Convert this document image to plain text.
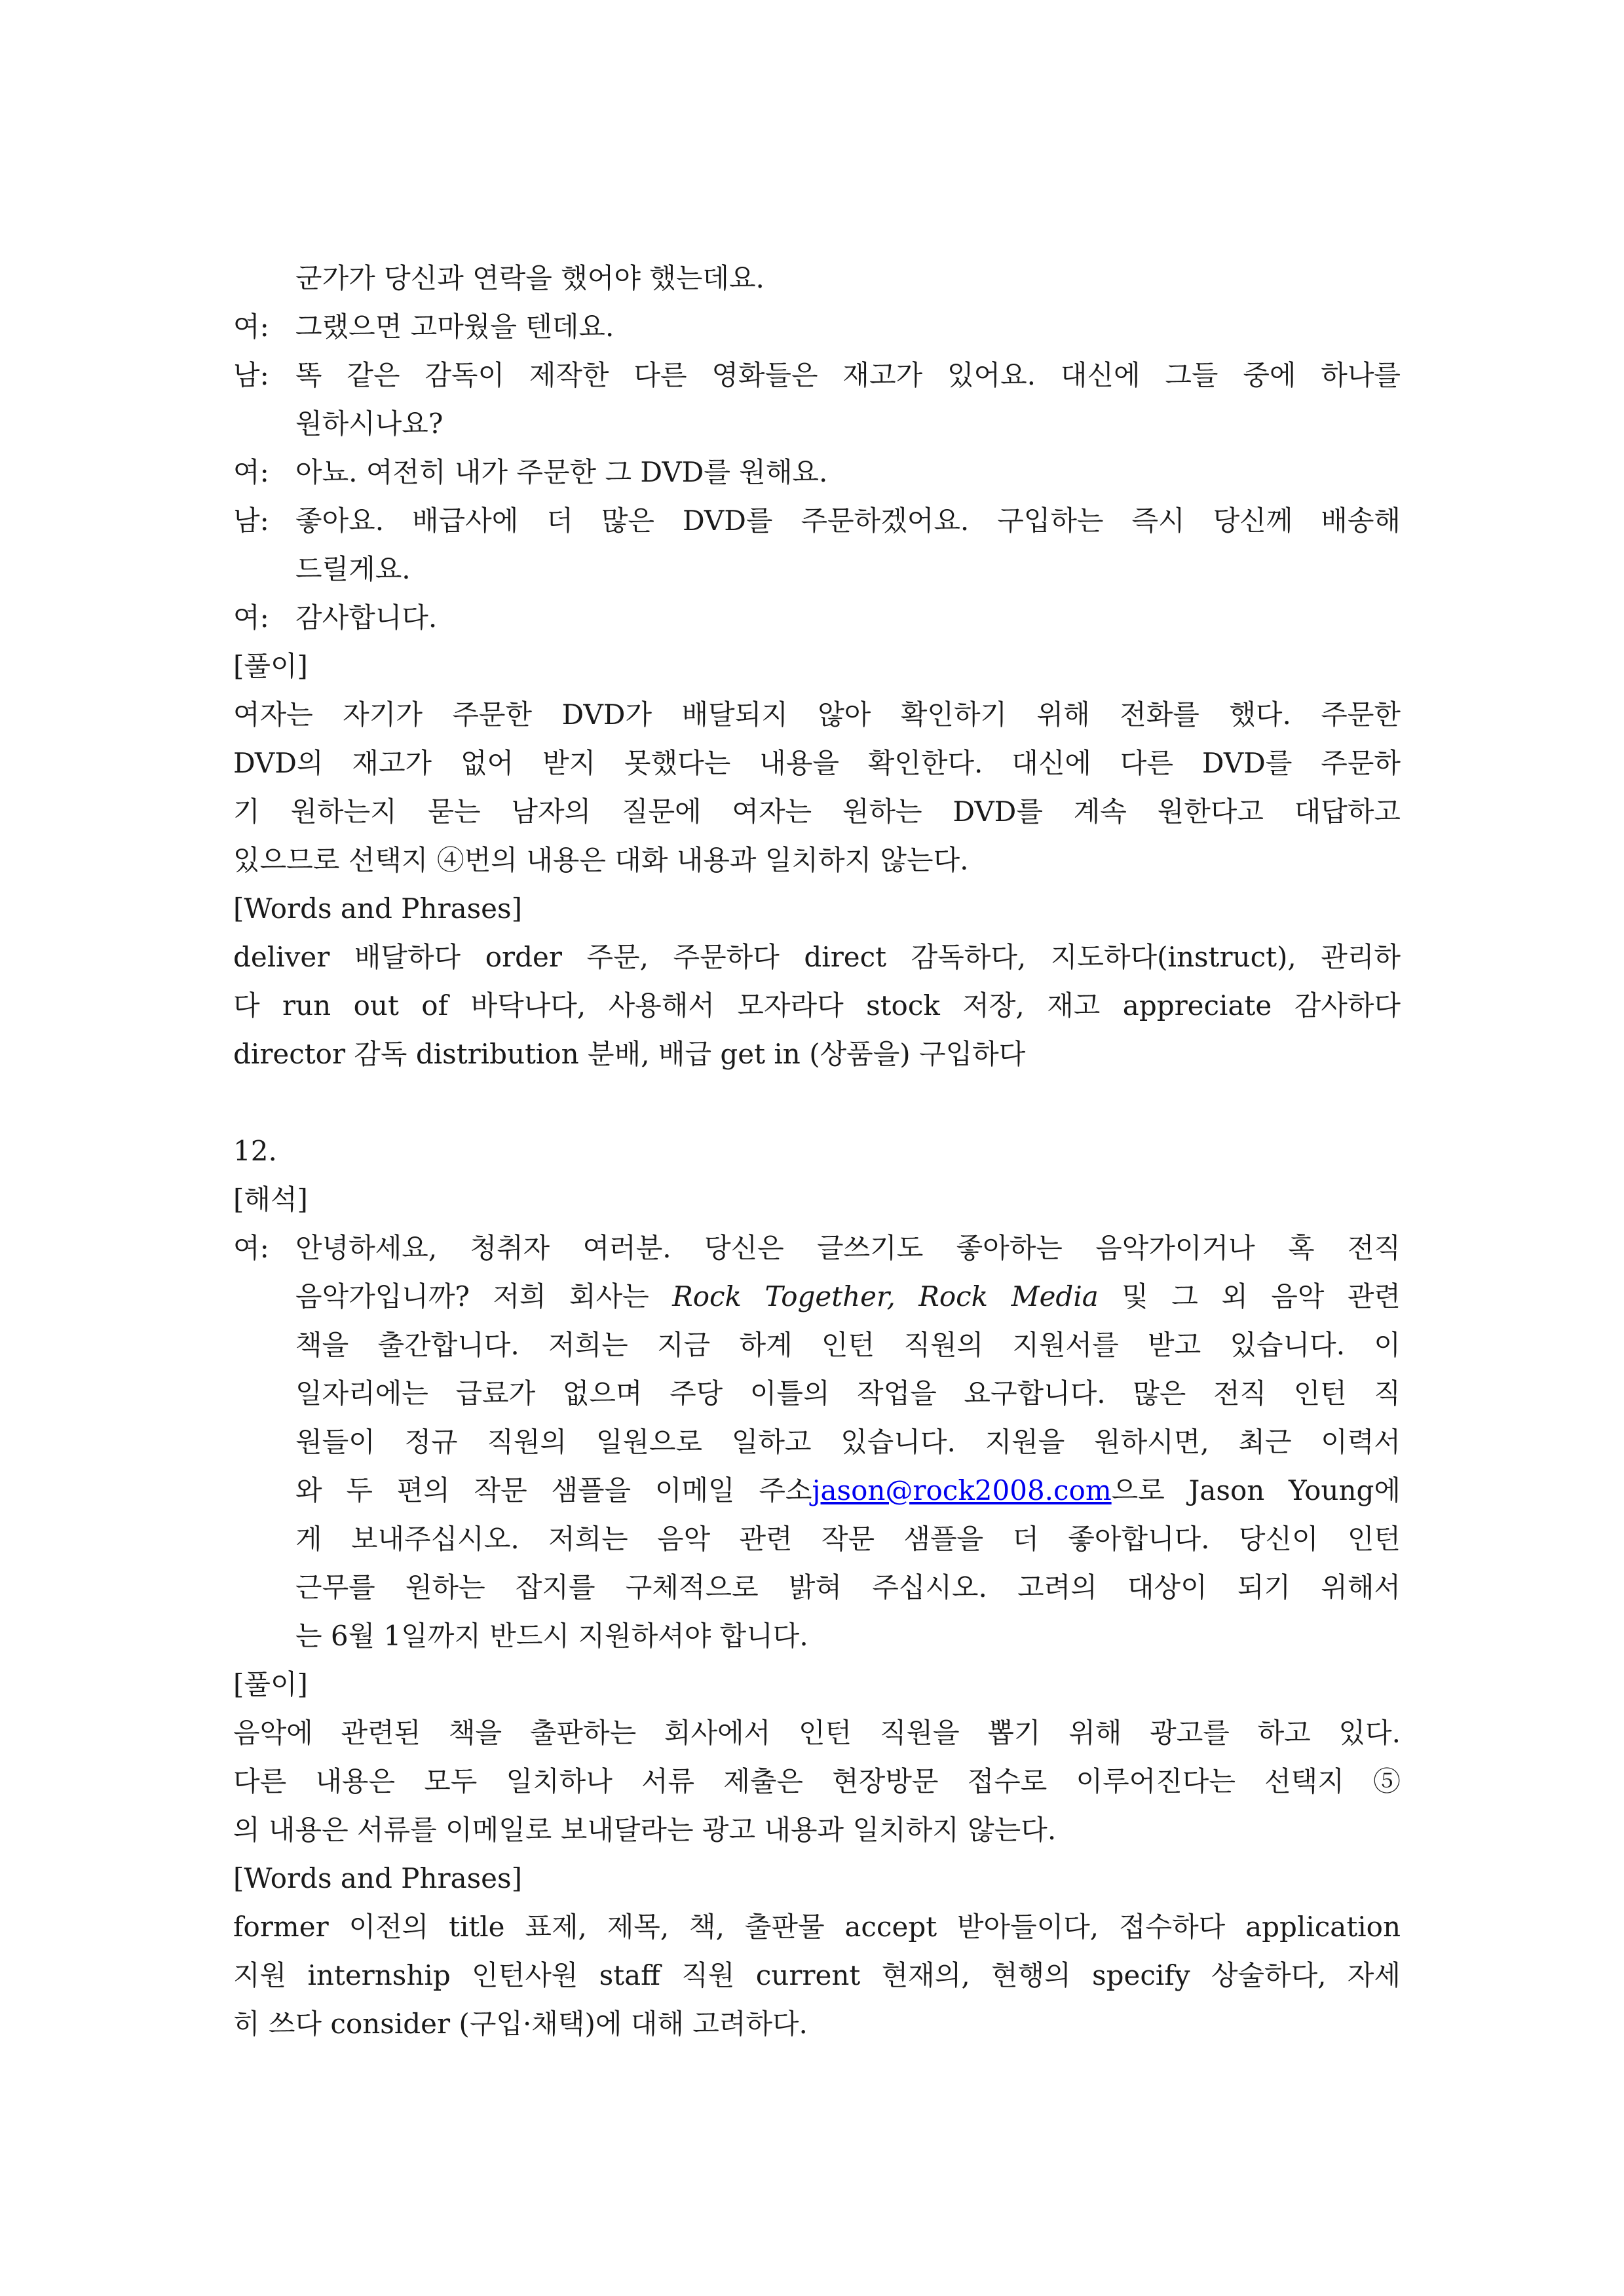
군가가 당신과 연락을 했어야 했는데요.
여: 그랬으면 고마웠을 텐데요.
남: 똑 같은 감독이 제작한 다른 영화들은 재고가 있어요. 대신에 그들 중에 하나를
원하시나요?
여: 아뇨. 여전히 내가 주문한 그 DVD를 원해요.
남: 좋아요. 배급사에 더 많은 DVD를 주문하겠어요. 구입하는 즉시 당신께 배송해
드릴게요.
여: 감사합니다.
[풀이]
여자는 자기가 주문한 DVD가 배달되지 않아 확인하기 위해 전화를 했다. 주문한
DVD의 재고가 없어 받지 못했다는 내용을 확인한다. 대신에 다른 DVD를 주문하
기 원하는지 묻는 남자의 질문에 여자는 원하는 DVD를 계속 원한다고 대답하고
있으므로 선택지 ④번의 내용은 대화 내용과 일치하지 않는다.
[Words and Phrases]
deliver 배달하다 order 주문, 주문하다 direct 감독하다, 지도하다(instruct), 관리하
다 run out of 바닥나다, 사용해서 모자라다 stock 저장, 재고 appreciate 감사하다
director 감독 distribution 분배, 배급 get in (상품을) 구입하다
12.
[해석]
여: 안녕하세요, 청취자 여러분. 당신은 글쓰기도 좋아하는 음악가이거나 혹 전직
음악가입니까? 저희 회사는 Rock Together, Rock Media 및 그 외 음악 관련
책을 출간합니다. 저희는 지금 하계 인턴 직원의 지원서를 받고 있습니다. 이
일자리에는 급료가 없으며 주당 이틀의 작업을 요구합니다. 많은 전직 인턴 직
원들이 정규 직원의 일원으로 일하고 있습니다. 지원을 원하시면, 최근 이력서
와 두 편의 작문 샘플을 이메일 주소jason@rock2008.com으로 Jason Young에
게 보내주십시오. 저희는 음악 관련 작문 샘플을 더 좋아합니다. 당신이 인턴
근무를 원하는 잡지를 구체적으로 밝혀 주십시오. 고려의 대상이 되기 위해서
는 6월 1일까지 반드시 지원하셔야 합니다.
[풀이]
음악에 관련된 책을 출판하는 회사에서 인턴 직원을 뽑기 위해 광고를 하고 있다.
다른 내용은 모두 일치하나 서류 제출은 현장방문 접수로 이루어진다는 선택지 ⑤
의 내용은 서류를 이메일로 보내달라는 광고 내용과 일치하지 않는다.
[Words and Phrases]
former 이전의 title 표제, 제목, 책, 출판물 accept 받아들이다, 접수하다 application
지원 internship 인턴사원 staff 직원 current 현재의, 현행의 specify 상술하다, 자세
히 쓰다 consider (구입·채택)에 대해 고려하다.
